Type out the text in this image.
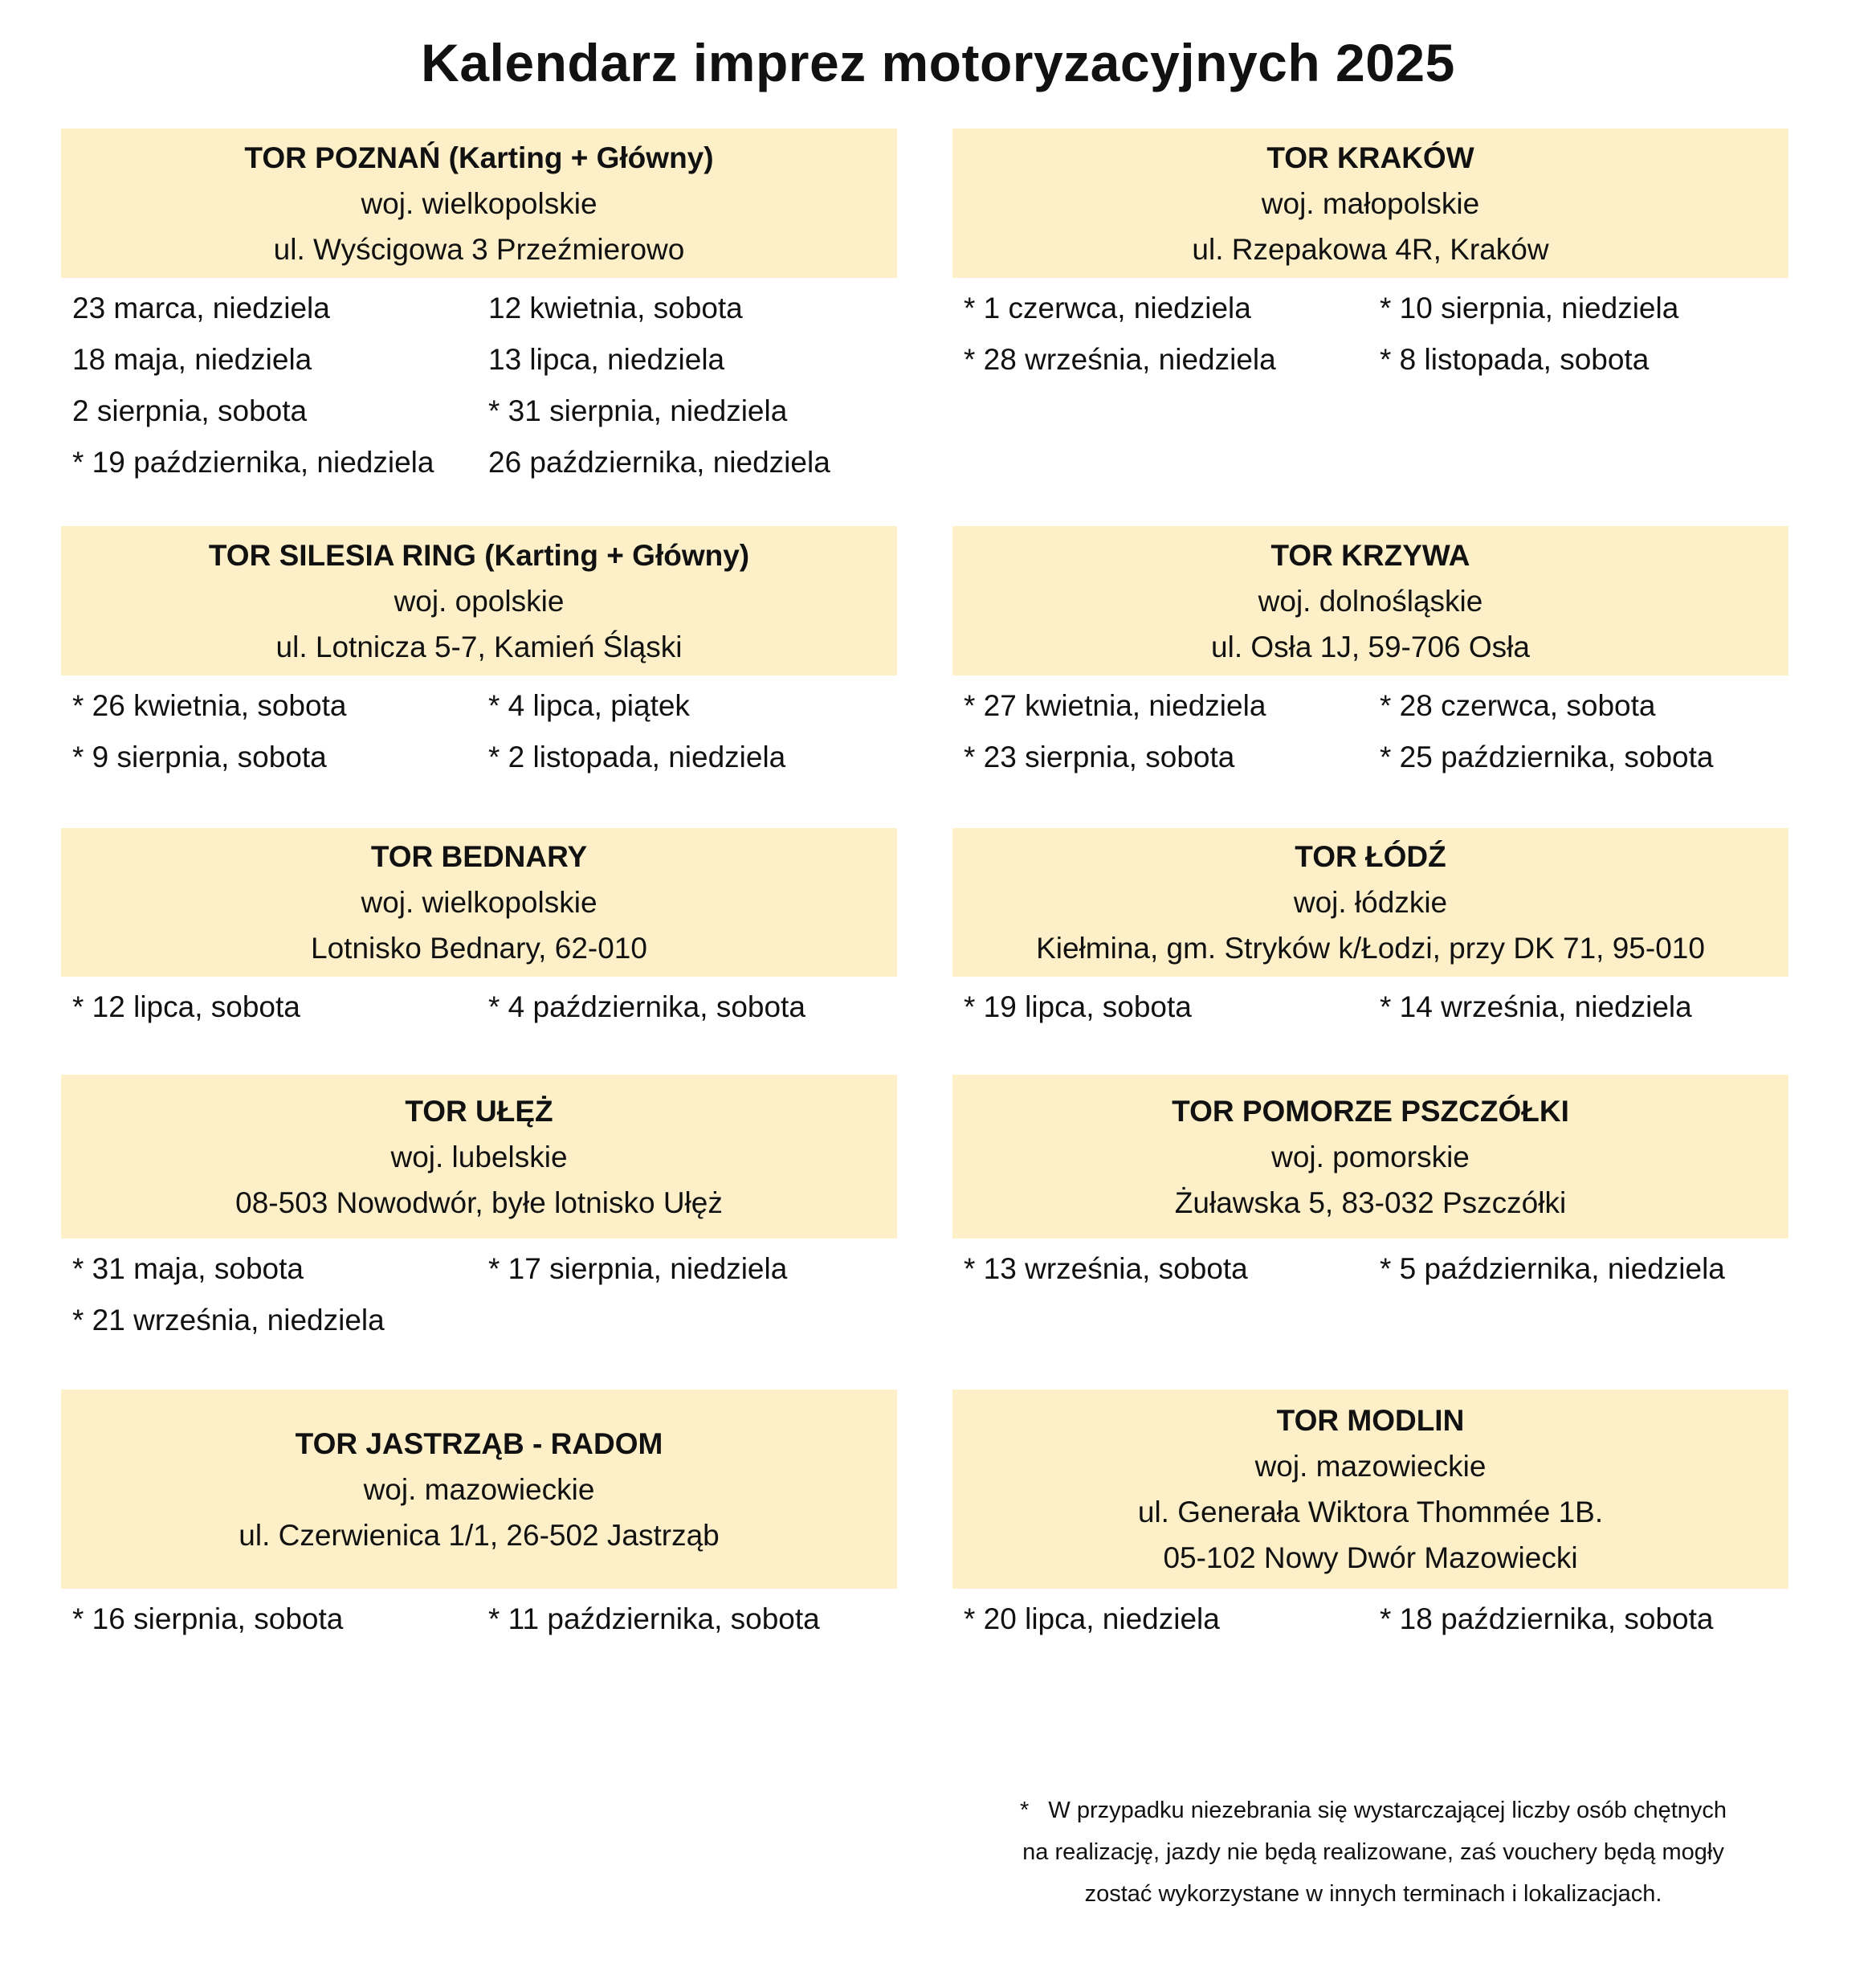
Kalendarz imprez motoryzacyjnych 2025
TOR POZNAŃ (Karting + Główny)
woj. wielkopolskie
ul. Wyścigowa 3 Przeźmierowo
23 marca, niedziela	12 kwietnia, sobota
18 maja, niedziela	13 lipca, niedziela
2 sierpnia, sobota	* 31 sierpnia, niedziela
* 19 października, niedziela	26 października, niedziela
TOR KRAKÓW
woj. małopolskie
ul. Rzepakowa 4R, Kraków
* 1 czerwca, niedziela	* 10 sierpnia, niedziela
* 28 września, niedziela	* 8 listopada, sobota
TOR SILESIA RING (Karting + Główny)
woj. opolskie
ul. Lotnicza 5-7, Kamień Śląski
* 26 kwietnia, sobota	* 4 lipca, piątek
* 9 sierpnia, sobota	* 2 listopada, niedziela
TOR KRZYWA
woj. dolnośląskie
ul. Osła 1J, 59-706 Osła
* 27 kwietnia, niedziela	* 28 czerwca, sobota
* 23 sierpnia, sobota	* 25 października, sobota
TOR BEDNARY
woj. wielkopolskie
Lotnisko Bednary, 62-010
* 12 lipca, sobota	* 4 października, sobota
TOR ŁÓDŹ
woj. łódzkie
Kiełmina, gm. Stryków k/Łodzi, przy DK 71, 95-010
* 19 lipca, sobota	* 14 września, niedziela
TOR UŁĘŻ
woj. lubelskie
08-503 Nowodwór, byłe lotnisko Ułęż
* 31 maja, sobota	* 17 sierpnia, niedziela
* 21 września, niedziela
TOR POMORZE PSZCZÓŁKI
woj. pomorskie
Żuławska 5, 83-032 Pszczółki
* 13 września, sobota	* 5 października, niedziela
TOR JASTRZĄB - RADOM
woj. mazowieckie
ul. Czerwienica 1/1, 26-502 Jastrząb
* 16 sierpnia, sobota	* 11 października, sobota
TOR MODLIN
woj. mazowieckie
ul. Generała Wiktora Thommée 1B.
05-102 Nowy Dwór Mazowiecki
* 20 lipca, niedziela	* 18 października, sobota
*   W przypadku niezebrania się wystarczającej liczby osób chętnych
na realizację, jazdy nie będą realizowane, zaś vouchery będą mogły
zostać wykorzystane w innych terminach i lokalizacjach.
